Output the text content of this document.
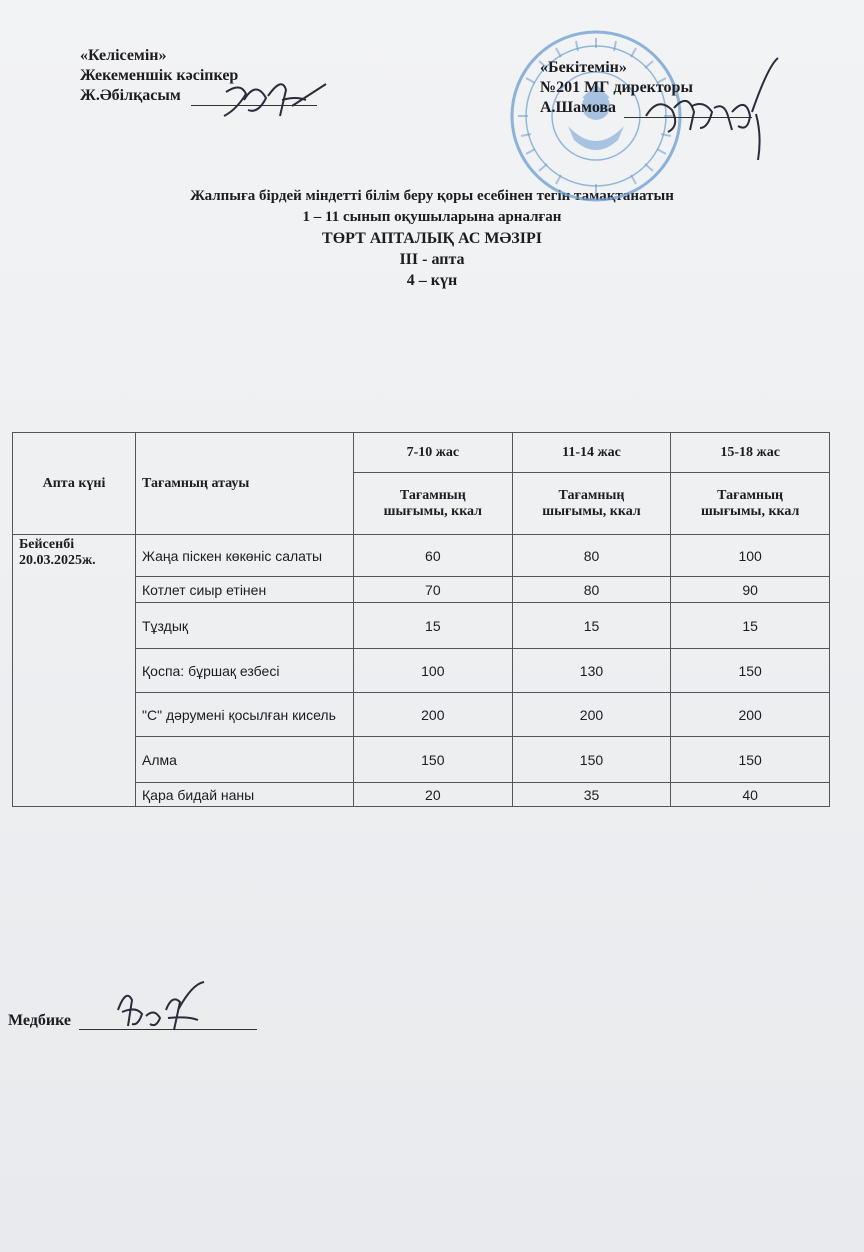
«Келісемін»
Жекеменшік кәсіпкер
Ж.Әбілқасым
«Бекітемін»
№201 МГ директоры
А.Шамова
Жалпыға бірдей міндетті білім беру қоры есебінен тегін тамақтанатын
1 – 11 сынып оқушыларына арналған
ТӨРТ АПТАЛЫҚ АС МӘЗІРІ
ІІІ - апта
4 – күн
Апта күні	Тағамның атауы	7-10 жас	11-14 жас	15-18 жас
		Тағамның
шығымы, ккал	Тағамның
шығымы, ккал	Тағамның
шығымы, ккал

Бейсенбі
20.03.2025ж.	Жаңа піскен көкөніс салаты	60	80	100
	Котлет сиыр етінен	70	80	90
	Тұздық	15	15	15
	Қоспа: бұршақ езбесі	100	130	150
	"С" дәрумені қосылған кисель	200	200	200
	Алма	150	150	150
	Қара бидай наны	20	35	40
Медбике
